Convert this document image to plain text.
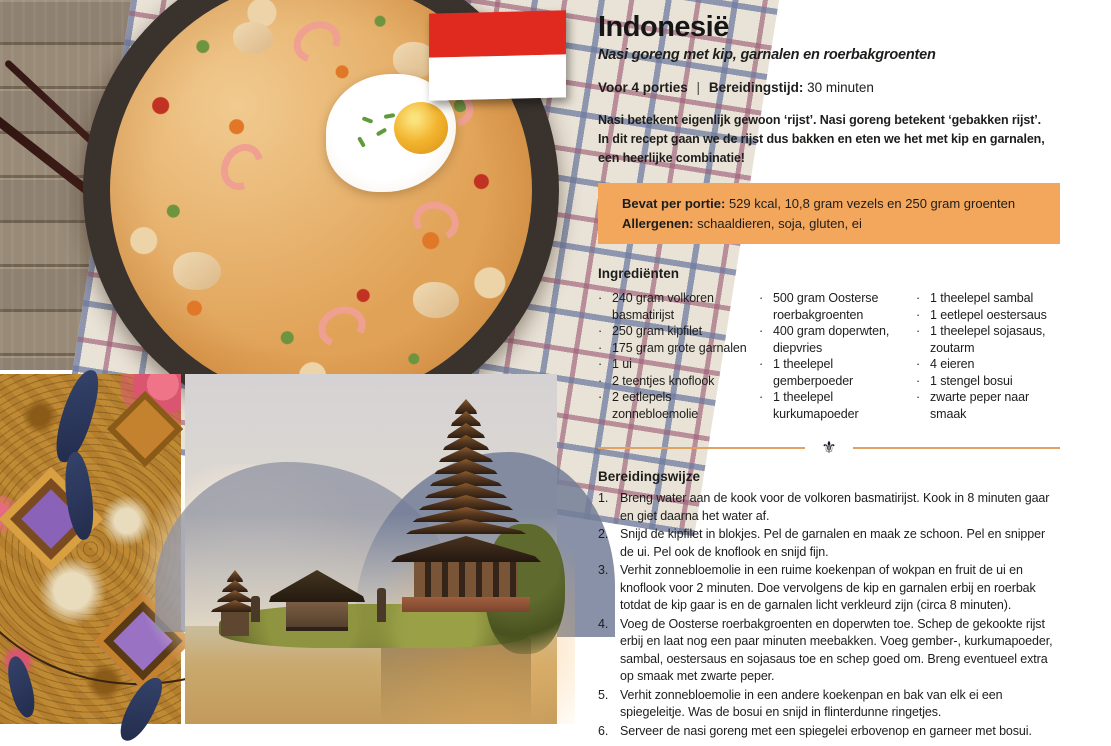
Indonesië
Nasi goreng met kip, garnalen en roerbakgroenten
Voor 4 porties | Bereidingstijd: 30 minuten
Nasi betekent eigenlijk gewoon ‘rijst’. Nasi goreng betekent ‘gebakken rijst’.
In dit recept gaan we de rijst dus bakken en eten we het met kip en garnalen,
een heerlijke combinatie!
Bevat per portie: 529 kcal, 10,8 gram vezels en 250 gram groenten
Allergenen: schaaldieren, soja, gluten, ei
Ingrediënten
· 240 gram volkoren basmatirijst
· 250 gram kipfilet
· 175 gram grote garnalen
· 1 ui
· 2 teentjes knoflook
· 2 eetlepels zonnebloemolie
· 500 gram Oosterse roerbakgroenten
· 400 gram doperwten, diepvries
· 1 theelepel gemberpoeder
· 1 theelepel kurkumapoeder
· 1 theelepel sambal
· 1 eetlepel oestersaus
· 1 theelepel sojasaus, zoutarm
· 4 eieren
· 1 stengel bosui
· zwarte peper naar smaak
⚜
Bereidingswijze
1. Breng water aan de kook voor de volkoren basmatirijst. Kook in 8 minuten gaar en giet daarna het water af.
2. Snijd de kipfilet in blokjes. Pel de garnalen en maak ze schoon. Pel en snipper de ui. Pel ook de knoflook en snijd fijn.
3. Verhit zonnebloemolie in een ruime koekenpan of wokpan en fruit de ui en knoflook voor 2 minuten. Doe vervolgens de kip en garnalen erbij en roerbak totdat de kip gaar is en de garnalen licht verkleurd zijn (circa 8 minuten).
4. Voeg de Oosterse roerbakgroenten en doperwten toe. Schep de gekookte rijst erbij en laat nog een paar minuten meebakken. Voeg gember-, kurkumapoeder, sambal, oestersaus en sojasaus toe en schep goed om. Breng eventueel extra op smaak met zwarte peper.
5. Verhit zonnebloemolie in een andere koekenpan en bak van elk ei een spiegeleitje. Was de bosui en snijd in flinterdunne ringetjes.
6. Serveer de nasi goreng met een spiegelei erbovenop en garneer met bosui.
